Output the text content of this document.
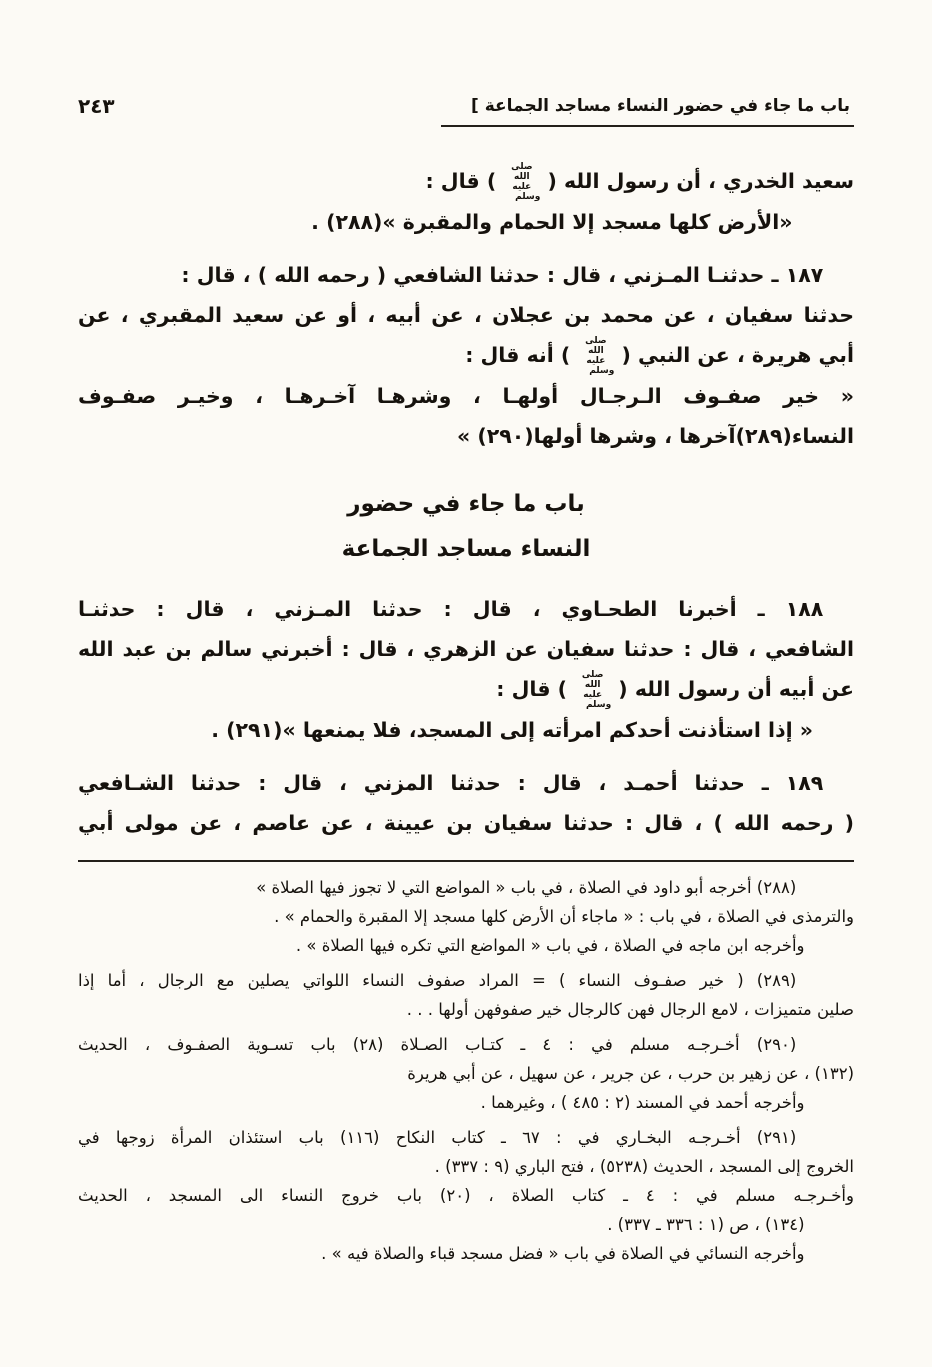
باب ما جاء في حضور النساء مساجد الجماعة ]
٢٤٣
سعيد الخدري ، أن رسول الله ( صلى الله عليه وسلم ) قال :
«الأرض كلها مسجد إلا الحمام والمقبرة »(٢٨٨) .
١٨٧ ـ حدثنـا المـزني ، قال : حدثنا الشافعي ( رحمه الله ) ، قال :
حدثنا سفيان ، عن محمد بن عجلان ، عن أبيه ، أو عن سعيد المقبري ، عن
أبي هريرة ، عن النبي ( صلى الله عليه وسلم ) أنه قال :
« خير صفـوف الـرجـال أولهـا ، وشرهـا آخـرهـا ، وخيـر صفـوف
النساء(٢٨٩)آخرها ، وشرها أولها(٢٩٠) »
باب ما جاء في حضور
النساء مساجد الجماعة
١٨٨ ـ أخبرنا الطحـاوي ، قال : حدثنا المـزني ، قال : حدثنـا
الشافعي ، قال : حدثنا سفيان عن الزهري ، قال : أخبرني سالم بن عبد الله
عن أبيه أن رسول الله ( صلى الله عليه وسلم ) قال :
« إذا استأذنت أحدكم امرأته إلى المسجد، فلا يمنعها »(٢٩١) .
١٨٩ ـ حدثنا أحمـد ، قال : حدثنا المزني ، قال : حدثنا الشـافعي
( رحمه الله ) ، قال : حدثنا سفيان بن عيينة ، عن عاصم ، عن مولى أبي
(٢٨٨) أخرجه أبو داود في الصلاة ، في باب « المواضع التي لا تجوز فيها الصلاة »
والترمذى في الصلاة ، في باب : « ماجاء أن الأرض كلها مسجد إلا المقبرة والحمام » .
وأخرجه ابن ماجه في الصلاة ، في باب « المواضع التي تكره فيها الصلاة » .
(٢٨٩) ( خير صفـوف النساء ) = المراد صفوف النساء اللواتي يصلين مع الرجال ، أما إذا
صلين متميزات ، لامع الرجال فهن كالرجال خير صفوفهن أولها . . .
(٢٩٠) أخـرجـه مسلم في : ٤ ـ كتـاب الصـلاة (٢٨) باب تسـوية الصفـوف ، الحديث
(١٣٢) ، عن زهير بن حرب ، عن جرير ، عن سهيل ، عن أبي هريرة
وأخرجه أحمد في المسند (٢ : ٤٨٥ ) ، وغيرهما .
(٢٩١) أخـرجـه البخـاري في : ٦٧ ـ كتاب النكاح (١١٦) باب استئذان المرأة زوجها في
الخروج إلى المسجد ، الحديث (٥٢٣٨) ، فتح الباري (٩ : ٣٣٧) .
وأخـرجـه مسلم في : ٤ ـ كتاب الصلاة ، (٢٠) باب خروج النساء الى المسجد ، الحديث
(١٣٤) ، ص (١ : ٣٣٦ ـ ٣٣٧) .
وأخرجه النسائي في الصلاة في باب « فضل مسجد قباء والصلاة فيه » .
